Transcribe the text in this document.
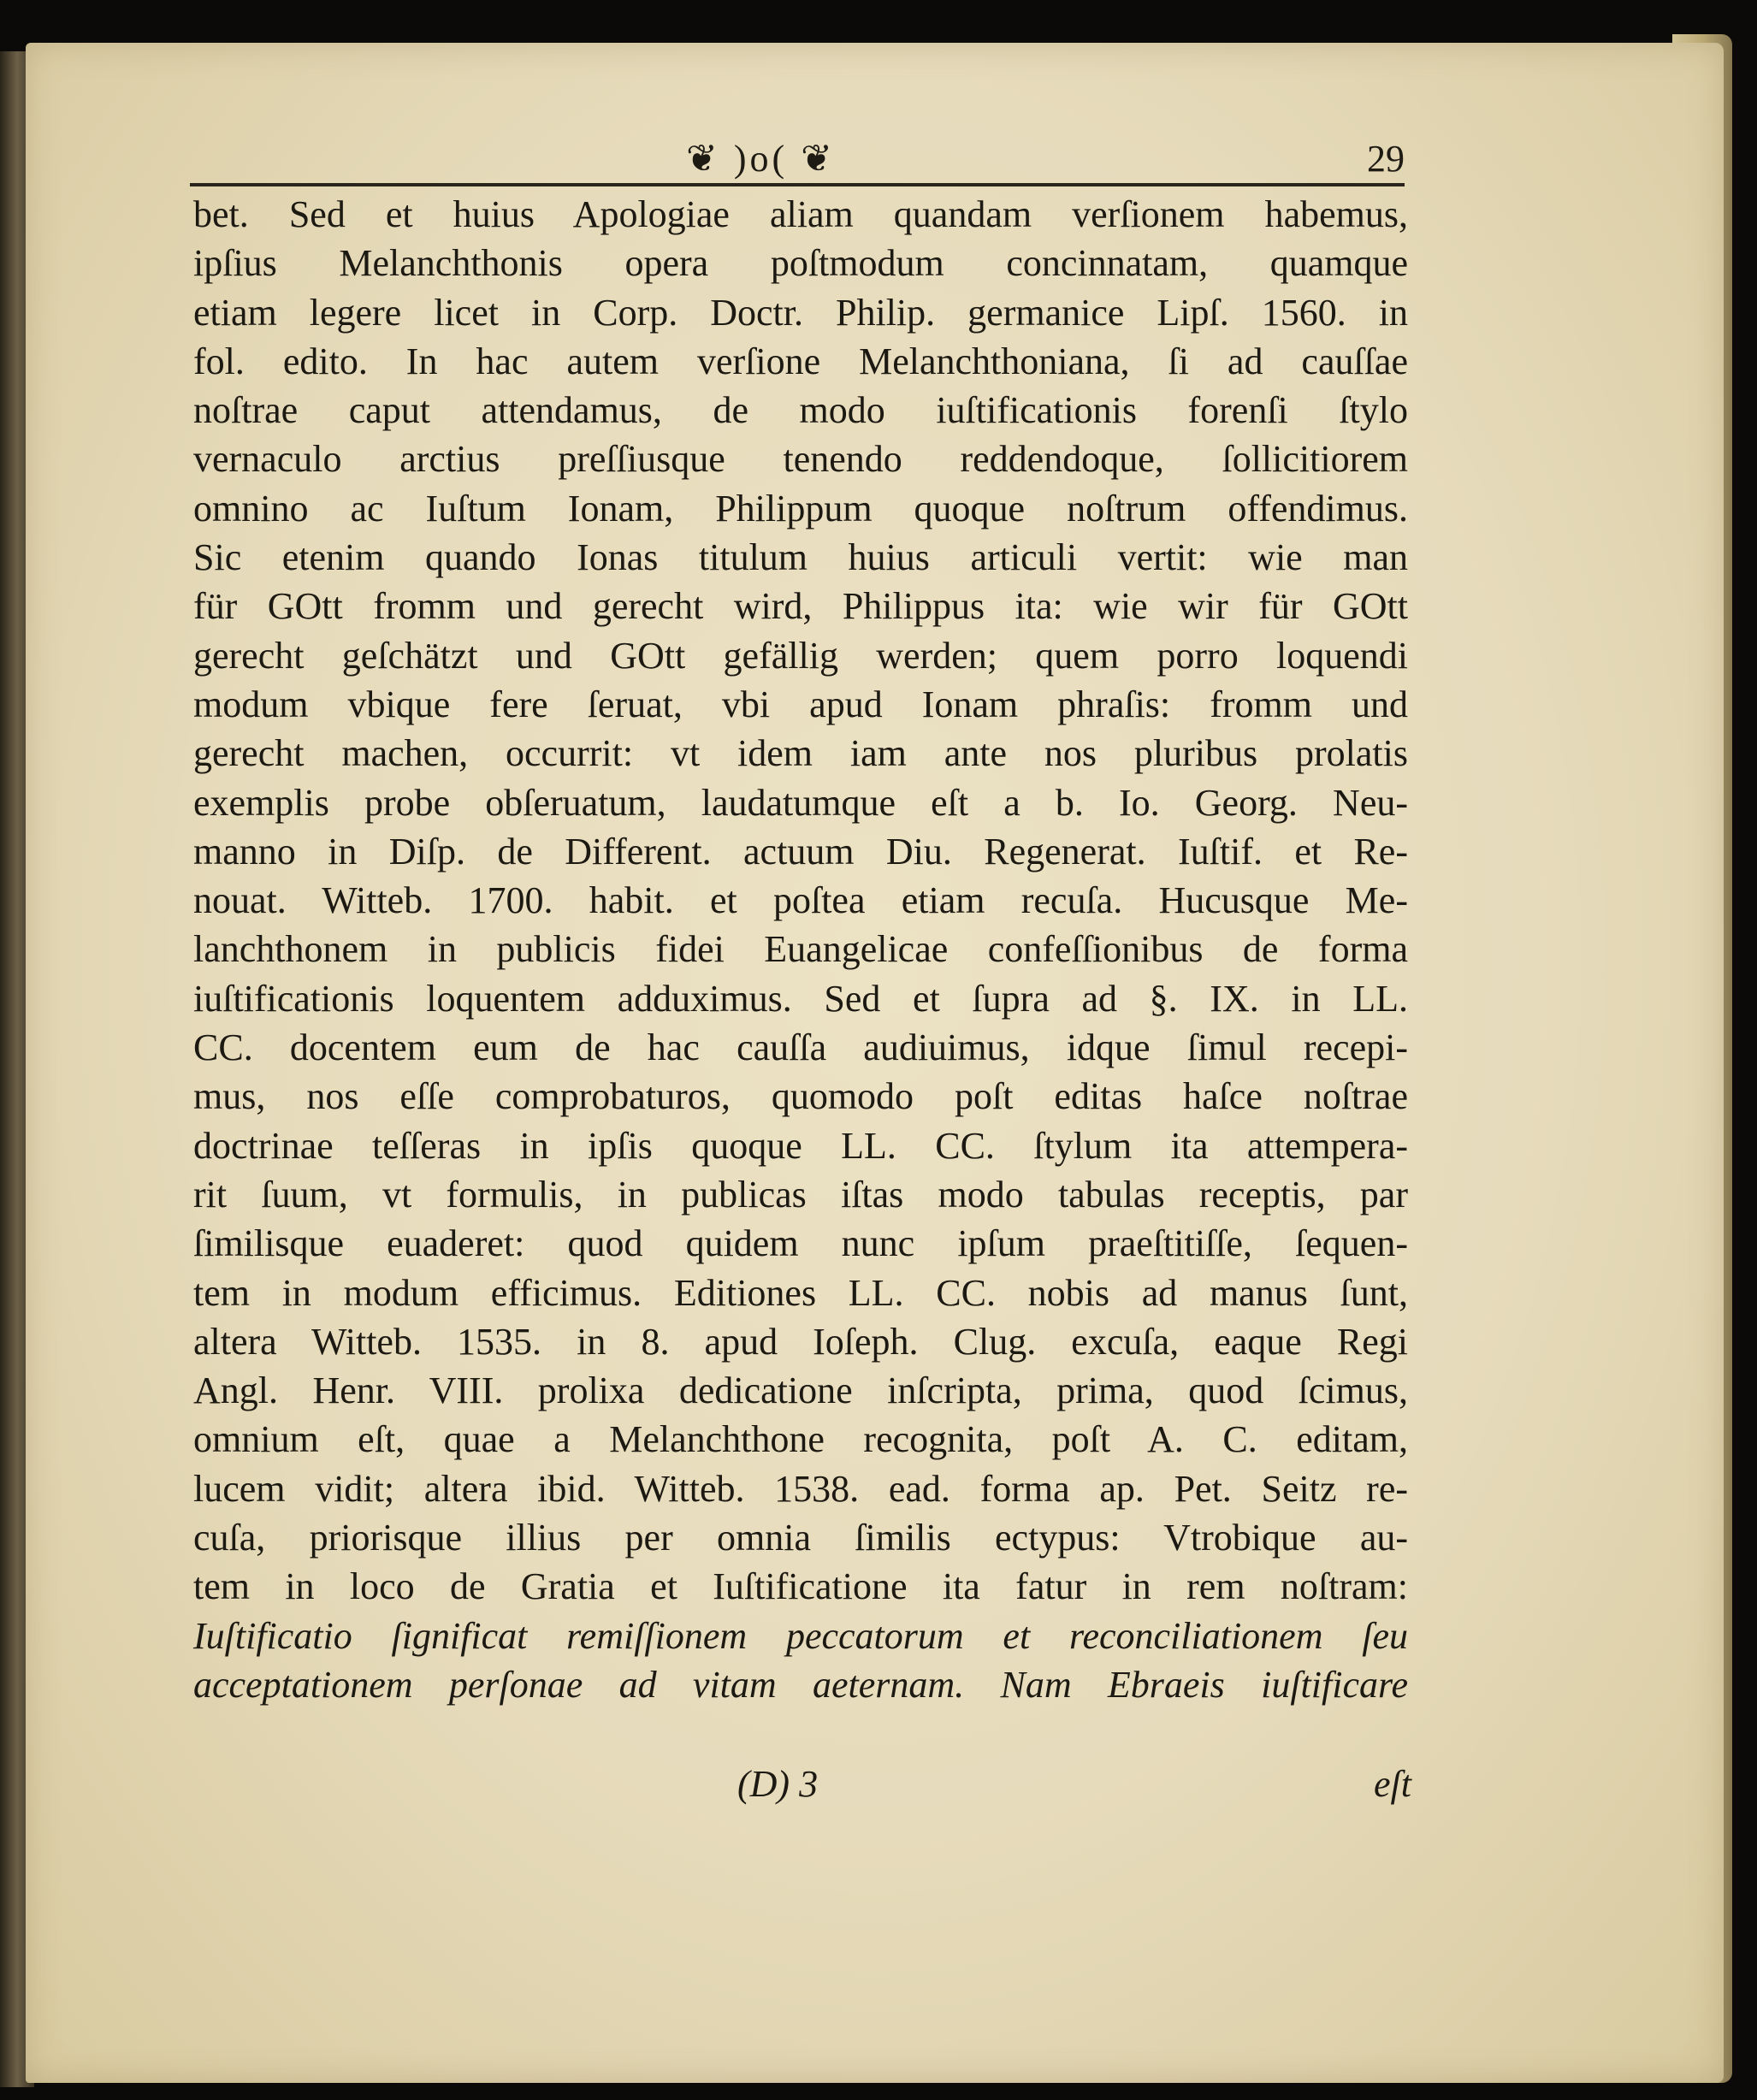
❦ )o( ❦	29
bet. Sed et huius Apologiae aliam quandam verſionem habemus,
ipſius Melanchthonis opera poſtmodum concinnatam, quamque
etiam legere licet in Corp. Doctr. Philip. germanice Lipſ. 1560. in
fol. edito. In hac autem verſione Melanchthoniana, ſi ad cauſſae
noſtrae caput attendamus, de modo iuſtificationis forenſi ſtylo
vernaculo arctius preſſiusque tenendo reddendoque, ſollicitiorem
omnino ac Iuſtum Ionam, Philippum quoque noſtrum offendimus.
Sic etenim quando Ionas titulum huius articuli vertit: wie man
für GOtt fromm und gerecht wird, Philippus ita: wie wir für GOtt
gerecht geſchätzt und GOtt gefällig werden; quem porro loquendi
modum vbique fere ſeruat, vbi apud Ionam phraſis: fromm und
gerecht machen, occurrit: vt idem iam ante nos pluribus prolatis
exemplis probe obſeruatum, laudatumque eſt a b. Io. Georg. Neu-
manno in Diſp. de Different. actuum Diu. Regenerat. Iuſtif. et Re-
nouat. Witteb. 1700. habit. et poſtea etiam recuſa. Hucusque Me-
lanchthonem in publicis fidei Euangelicae confeſſionibus de forma
iuſtificationis loquentem adduximus. Sed et ſupra ad §. IX. in LL.
CC. docentem eum de hac cauſſa audiuimus, idque ſimul recepi-
mus, nos eſſe comprobaturos, quomodo poſt editas haſce noſtrae
doctrinae teſſeras in ipſis quoque LL. CC. ſtylum ita attempera-
rit ſuum, vt formulis, in publicas iſtas modo tabulas receptis, par
ſimilisque euaderet: quod quidem nunc ipſum praeſtitiſſe, ſequen-
tem in modum efficimus. Editiones LL. CC. nobis ad manus ſunt,
altera Witteb. 1535. in 8. apud Ioſeph. Clug. excuſa, eaque Regi
Angl. Henr. VIII. prolixa dedicatione inſcripta, prima, quod ſcimus,
omnium eſt, quae a Melanchthone recognita, poſt A. C. editam,
lucem vidit; altera ibid. Witteb. 1538. ead. forma ap. Pet. Seitz re-
cuſa, priorisque illius per omnia ſimilis ectypus: Vtrobique au-
tem in loco de Gratia et Iuſtificatione ita fatur in rem noſtram:
Iuſtificatio ſignificat remiſſionem peccatorum et reconciliationem ſeu
acceptationem perſonae ad vitam aeternam. Nam Ebraeis iuſtificare
(D) 3	eſt
